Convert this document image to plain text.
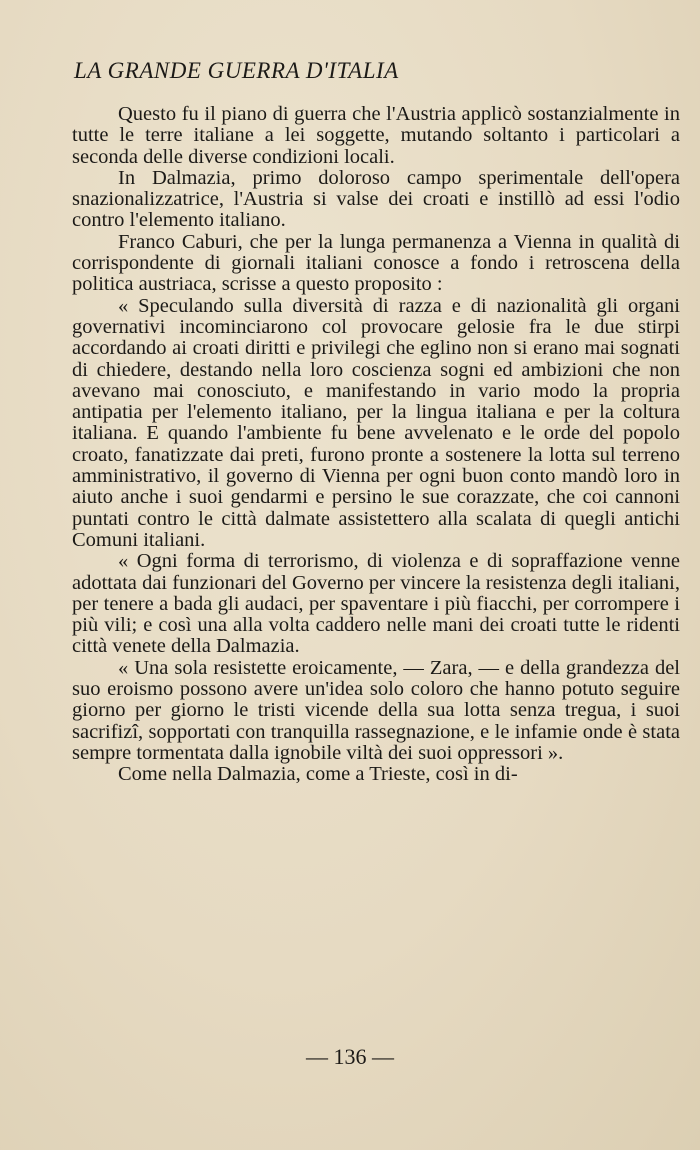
LA GRANDE GUERRA D'ITALIA

Questo fu il piano di guerra che l'Austria applicò sostanzialmente in tutte le terre italiane a lei soggette, mutando soltanto i particolari a seconda delle diverse condizioni locali.

In Dalmazia, primo doloroso campo sperimentale dell'opera snazionalizzatrice, l'Austria si valse dei croati e instillò ad essi l'odio contro l'elemento italiano.

Franco Caburi, che per la lunga permanenza a Vienna in qualità di corrispondente di giornali italiani conosce a fondo i retroscena della politica austriaca, scrisse a questo proposito :

« Speculando sulla diversità di razza e di nazionalità gli organi governativi incominciarono col provocare gelosie fra le due stirpi accordando ai croati diritti e privilegi che eglino non si erano mai sognati di chiedere, destando nella loro coscienza sogni ed ambizioni che non avevano mai conosciuto, e manifestando in vario modo la propria antipatia per l'elemento italiano, per la lingua italiana e per la coltura italiana. E quando l'ambiente fu bene avvelenato e le orde del popolo croato, fanatizzate dai preti, furono pronte a sostenere la lotta sul terreno amministrativo, il governo di Vienna per ogni buon conto mandò loro in aiuto anche i suoi gendarmi e persino le sue corazzate, che coi cannoni puntati contro le città dalmate assistettero alla scalata di quegli antichi Comuni italiani.

« Ogni forma di terrorismo, di violenza e di sopraffazione venne adottata dai funzionari del Governo per vincere la resistenza degli italiani, per tenere a bada gli audaci, per spaventare i più fiacchi, per corrompere i più vili; e così una alla volta caddero nelle mani dei croati tutte le ridenti città venete della Dalmazia.

« Una sola resistette eroicamente, — Zara, — e della grandezza del suo eroismo possono avere un'idea solo coloro che hanno potuto seguire giorno per giorno le tristi vicende della sua lotta senza tregua, i suoi sacrifizî, sopportati con tranquilla rassegnazione, e le infamie onde è stata sempre tormentata dalla ignobile viltà dei suoi oppressori ».

Come nella Dalmazia, come a Trieste, così in di-

— 136 —
